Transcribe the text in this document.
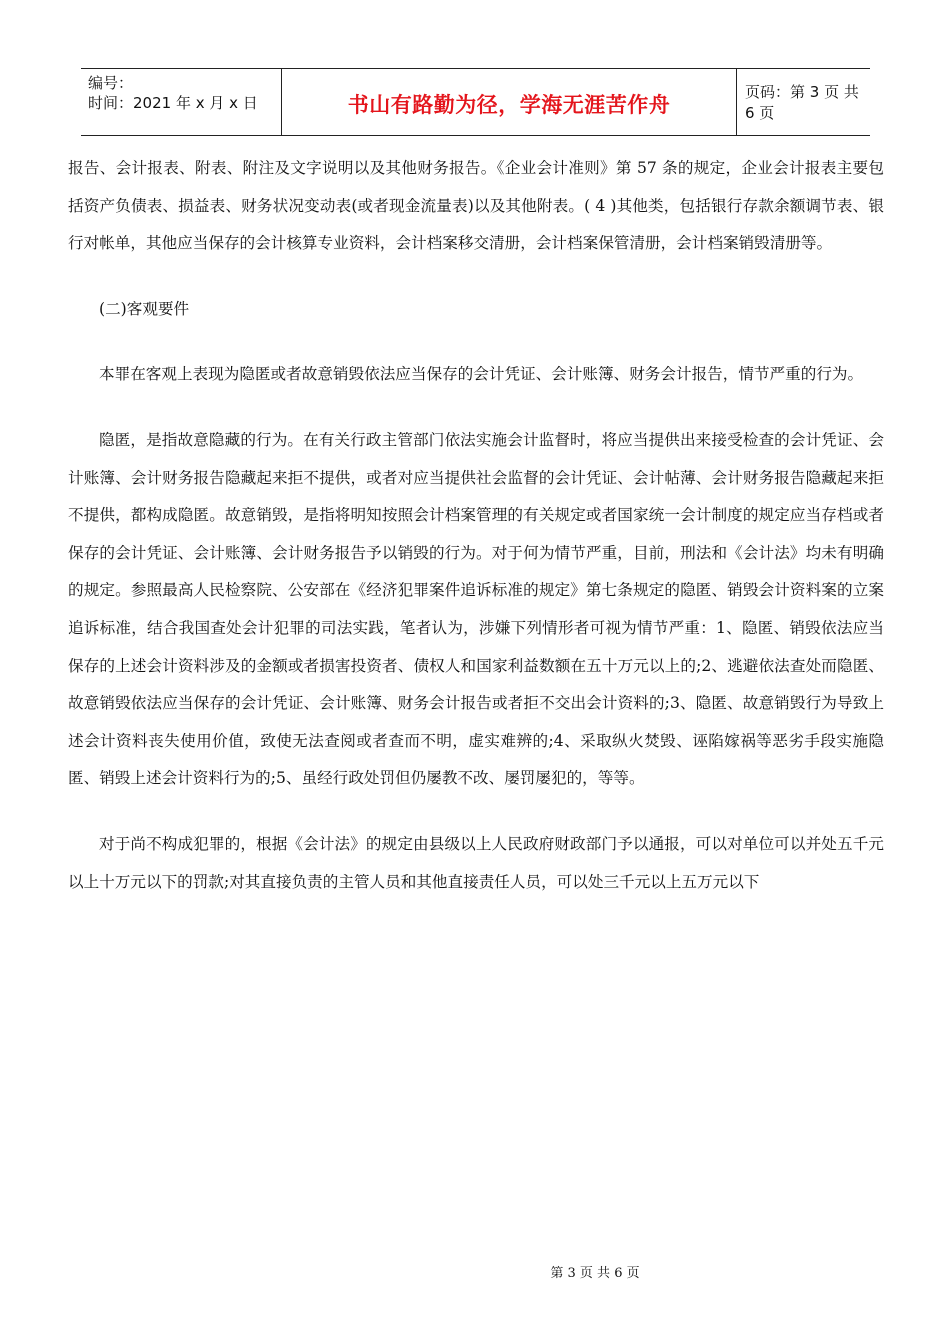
编号：
时间：2021 年 x 月 x 日	书山有路勤为径，学海无涯苦作舟
页码：第 3 页 共 6 页

报告、会计报表、附表、附注及文字说明以及其他财务报告。《企业会计准则》第 57 条的规定，企业会计报表主要包括资产负债表、损益表、财务状况变动表(或者现金流量表)以及其他附表。( 4 )其他类，包括银行存款余额调节表、银行对帐单，其他应当保存的会计核算专业资料，会计档案移交清册，会计档案保管清册，会计档案销毁清册等。

(二)客观要件

本罪在客观上表现为隐匿或者故意销毁依法应当保存的会计凭证、会计账簿、财务会计报告，情节严重的行为。

隐匿，是指故意隐藏的行为。在有关行政主管部门依法实施会计监督时，将应当提供出来接受检查的会计凭证、会计账簿、会计财务报告隐藏起来拒不提供，或者对应当提供社会监督的会计凭证、会计帖薄、会计财务报告隐藏起来拒不提供，都构成隐匿。故意销毁，是指将明知按照会计档案管理的有关规定或者国家统一会计制度的规定应当存档或者保存的会计凭证、会计账簿、会计财务报告予以销毁的行为。对于何为情节严重，目前，刑法和《会计法》均未有明确的规定。参照最高人民检察院、公安部在《经济犯罪案件追诉标准的规定》第七条规定的隐匿、销毁会计资料案的立案追诉标准，结合我国查处会计犯罪的司法实践，笔者认为，涉嫌下列情形者可视为情节严重：1、隐匿、销毁依法应当保存的上述会计资料涉及的金额或者损害投资者、债权人和国家利益数额在五十万元以上的;2、逃避依法查处而隐匿、故意销毁依法应当保存的会计凭证、会计账簿、财务会计报告或者拒不交出会计资料的;3、隐匿、故意销毁行为导致上述会计资料丧失使用价值，致使无法查阅或者查而不明，虚实难辨的;4、采取纵火焚毁、诬陷嫁祸等恶劣手段实施隐匿、销毁上述会计资料行为的;5、虽经行政处罚但仍屡教不改、屡罚屡犯的，等等。

对于尚不构成犯罪的，根据《会计法》的规定由县级以上人民政府财政部门予以通报，可以对单位可以并处五千元以上十万元以下的罚款;对其直接负责的主管人员和其他直接责任人员，可以处三千元以上五万元以下

第 3 页 共 6 页
